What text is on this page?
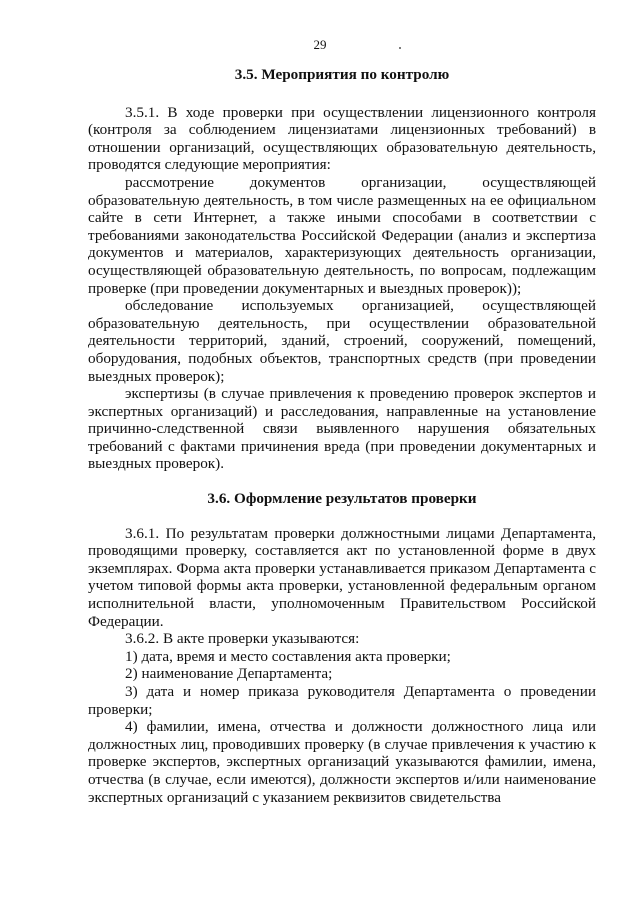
29

3.5. Мероприятия по контролю

3.5.1. В ходе проверки при осуществлении лицензионного контроля (контроля за соблюдением лицензиатами лицензионных требований) в отношении организаций, осуществляющих образовательную деятельность, проводятся следующие мероприятия:

рассмотрение документов организации, осуществляющей образовательную деятельность, в том числе размещенных на ее официальном сайте в сети Интернет, а также иными способами в соответствии с требованиями законодательства Российской Федерации (анализ и экспертиза документов и материалов, характеризующих деятельность организации, осуществляющей образовательную деятельность, по вопросам, подлежащим проверке (при проведении документарных и выездных проверок));

обследование используемых организацией, осуществляющей образовательную деятельность, при осуществлении образовательной деятельности территорий, зданий, строений, сооружений, помещений, оборудования, подобных объектов, транспортных средств (при проведении выездных проверок);

экспертизы (в случае привлечения к проведению проверок экспертов и экспертных организаций) и расследования, направленные на установление причинно-следственной связи выявленного нарушения обязательных требований с фактами причинения вреда (при проведении документарных и выездных проверок).

3.6. Оформление результатов проверки

3.6.1. По результатам проверки должностными лицами Департамента, проводящими проверку, составляется акт по установленной форме в двух экземплярах. Форма акта проверки устанавливается приказом Департамента с учетом типовой формы акта проверки, установленной федеральным органом исполнительной власти, уполномоченным Правительством Российской Федерации.

3.6.2. В акте проверки указываются:

1) дата, время и место составления акта проверки;

2) наименование Департамента;

3) дата и номер приказа руководителя Департамента о проведении проверки;

4) фамилии, имена, отчества и должности должностного лица или должностных лиц, проводивших проверку (в случае привлечения к участию к проверке экспертов, экспертных организаций указываются фамилии, имена, отчества (в случае, если имеются), должности экспертов и/или наименование экспертных организаций с указанием реквизитов свидетельства
